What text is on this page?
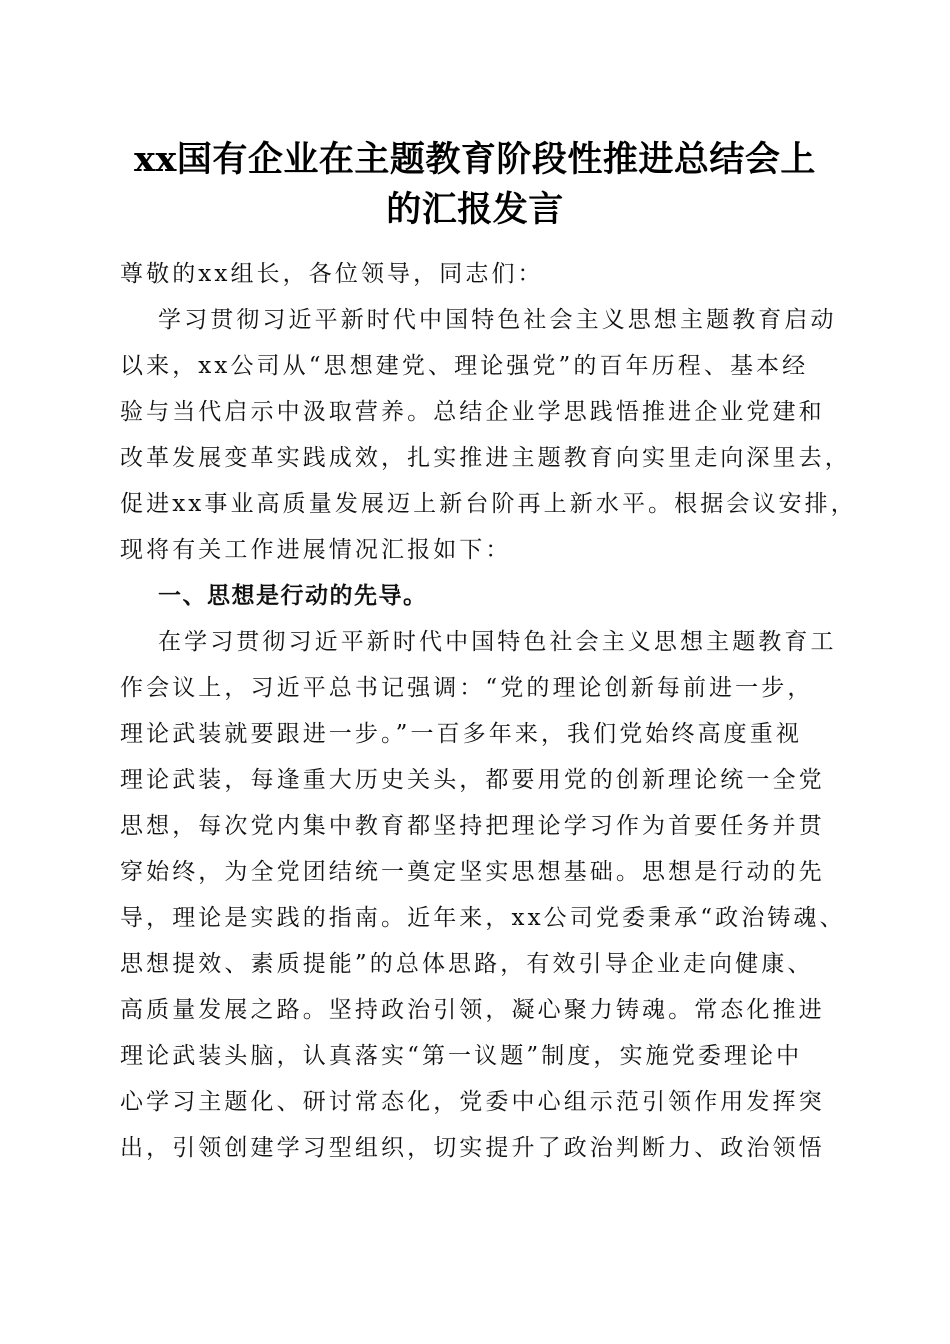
xx国有企业在主题教育阶段性推进总结会上
的汇报发言
尊敬的xx组长，各位领导，同志们：
学习贯彻习近平新时代中国特色社会主义思想主题教育启动
以来，xx公司从“思想建党、理论强党”的百年历程、基本经
验与当代启示中汲取营养。总结企业学思践悟推进企业党建和
改革发展变革实践成效，扎实推进主题教育向实里走向深里去，
促进xx事业高质量发展迈上新台阶再上新水平。根据会议安排，
现将有关工作进展情况汇报如下：
一、思想是行动的先导。
在学习贯彻习近平新时代中国特色社会主义思想主题教育工
作会议上，习近平总书记强调：“党的理论创新每前进一步，
理论武装就要跟进一步。”一百多年来，我们党始终高度重视
理论武装，每逢重大历史关头，都要用党的创新理论统一全党
思想，每次党内集中教育都坚持把理论学习作为首要任务并贯
穿始终，为全党团结统一奠定坚实思想基础。思想是行动的先
导，理论是实践的指南。近年来，xx公司党委秉承“政治铸魂、
思想提效、素质提能”的总体思路，有效引导企业走向健康、
高质量发展之路。坚持政治引领，凝心聚力铸魂。常态化推进
理论武装头脑，认真落实“第一议题”制度，实施党委理论中
心学习主题化、研讨常态化，党委中心组示范引领作用发挥突
出，引领创建学习型组织，切实提升了政治判断力、政治领悟
